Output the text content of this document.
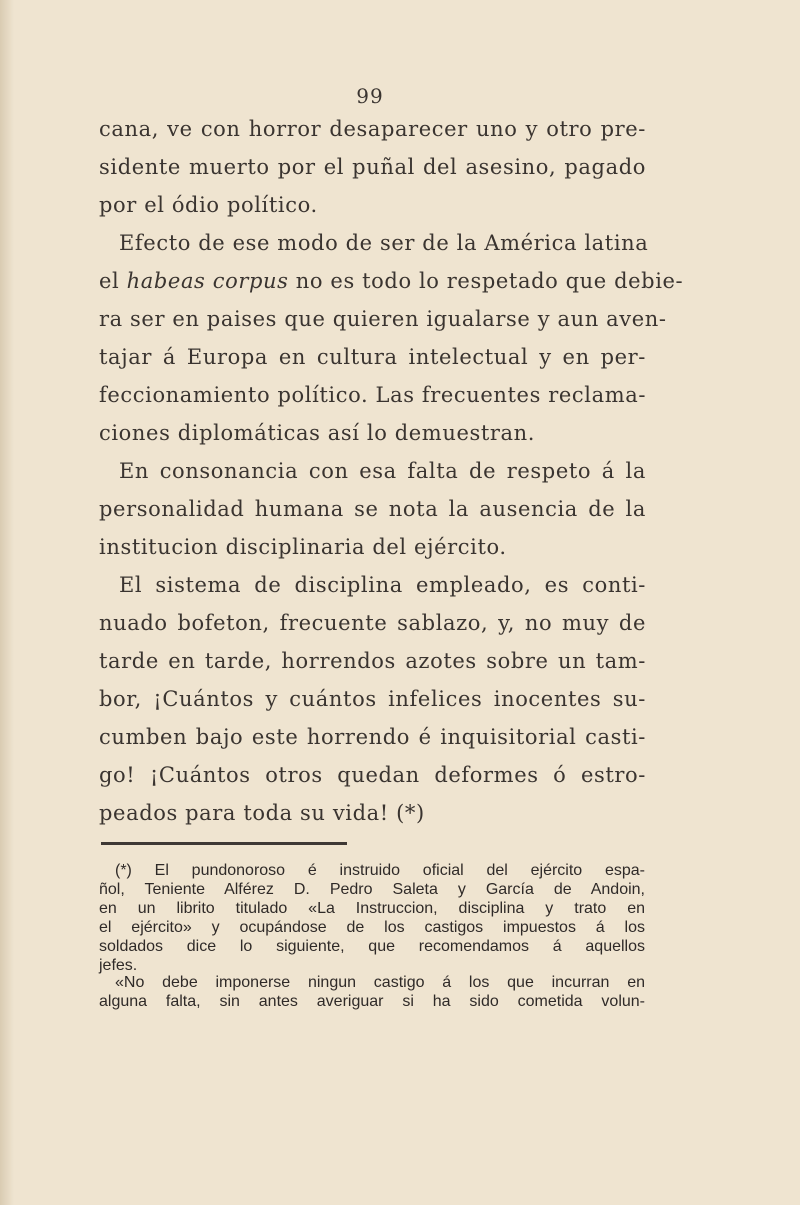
99
cana, ve con horror desaparecer uno y otro pre-
sidente muerto por el puñal del asesino, pagado
por el ódio político.
Efecto de ese modo de ser de la América latina
el habeas corpus no es todo lo respetado que debie-
ra ser en paises que quieren igualarse y aun aven-
tajar á Europa en cultura intelectual y en per-
feccionamiento político. Las frecuentes reclama-
ciones diplomáticas así lo demuestran.
En consonancia con esa falta de respeto á la
personalidad humana se nota la ausencia de la
institucion disciplinaria del ejército.
El sistema de disciplina empleado, es conti-
nuado bofeton, frecuente sablazo, y, no muy de
tarde en tarde, horrendos azotes sobre un tam-
bor, ¡Cuántos y cuántos infelices inocentes su-
cumben bajo este horrendo é inquisitorial casti-
go! ¡Cuántos otros quedan deformes ó estro-
peados para toda su vida! (*)
(*) El pundonoroso é instruido oficial del ejército espa-
ñol, Teniente Alférez D. Pedro Saleta y García de Andoin,
en un librito titulado «La Instruccion, disciplina y trato en
el ejército» y ocupándose de los castigos impuestos á los
soldados dice lo siguiente, que recomendamos á aquellos
jefes.
«No debe imponerse ningun castigo á los que incurran en
alguna falta, sin antes averiguar si ha sido cometida volun-
